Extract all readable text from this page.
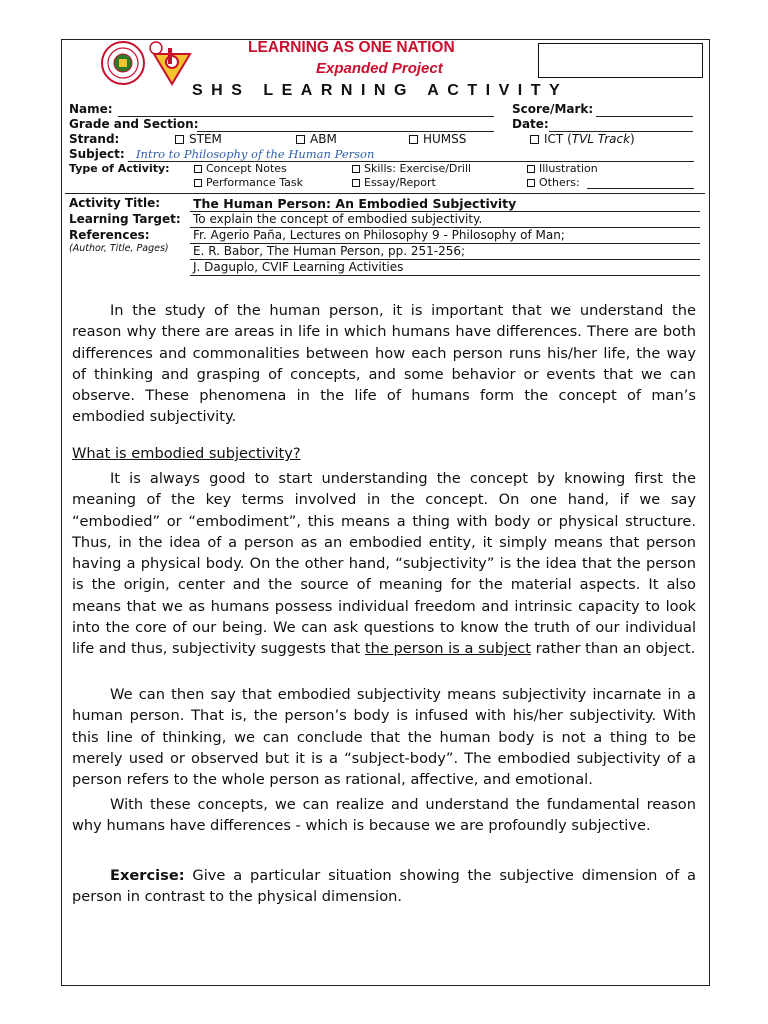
LEARNING AS ONE NATION
Expanded Project
SHS LEARNING ACTIVITY
Name:	Score/Mark:
Grade and Section:	Date:
Strand:	STEM	ABM	HUMSS	ICT (TVL Track)
Subject: Intro to Philosophy of the Human Person
Type of Activity:	Concept Notes	Skills: Exercise/Drill	Illustration
Performance Task	Essay/Report	Others:
Activity Title:	The Human Person: An Embodied Subjectivity
Learning Target: To explain the concept of embodied subjectivity.
References:
(Author, Title, Pages)
Fr. Agerio Paña, Lectures on Philosophy 9 - Philosophy of Man;
E. R. Babor, The Human Person, pp. 251-256;
J. Daguplo, CVIF Learning Activities

In the study of the human person, it is important that we understand the reason why there are areas in life in which humans have differences. There are both differences and commonalities between how each person runs his/her life, the way of thinking and grasping of concepts, and some behavior or events that we can observe. These phenomena in the life of humans form the concept of man’s embodied subjectivity.

What is embodied subjectivity?

It is always good to start understanding the concept by knowing first the meaning of the key terms involved in the concept. On one hand, if we say “embodied” or “embodiment”, this means a thing with body or physical structure. Thus, in the idea of a person as an embodied entity, it simply means that person having a physical body. On the other hand, “subjectivity” is the idea that the person is the origin, center and the source of meaning for the material aspects. It also means that we as humans possess individual freedom and intrinsic capacity to look into the core of our being. We can ask questions to know the truth of our individual life and thus, subjectivity suggests that the person is a subject rather than an object.

We can then say that embodied subjectivity means subjectivity incarnate in a human person. That is, the person’s body is infused with his/her subjectivity. With this line of thinking, we can conclude that the human body is not a thing to be merely used or observed but it is a “subject-body”. The embodied subjectivity of a person refers to the whole person as rational, affective, and emotional.

With these concepts, we can realize and understand the fundamental reason why humans have differences - which is because we are profoundly subjective.

Exercise: Give a particular situation showing the subjective dimension of a person in contrast to the physical dimension.
